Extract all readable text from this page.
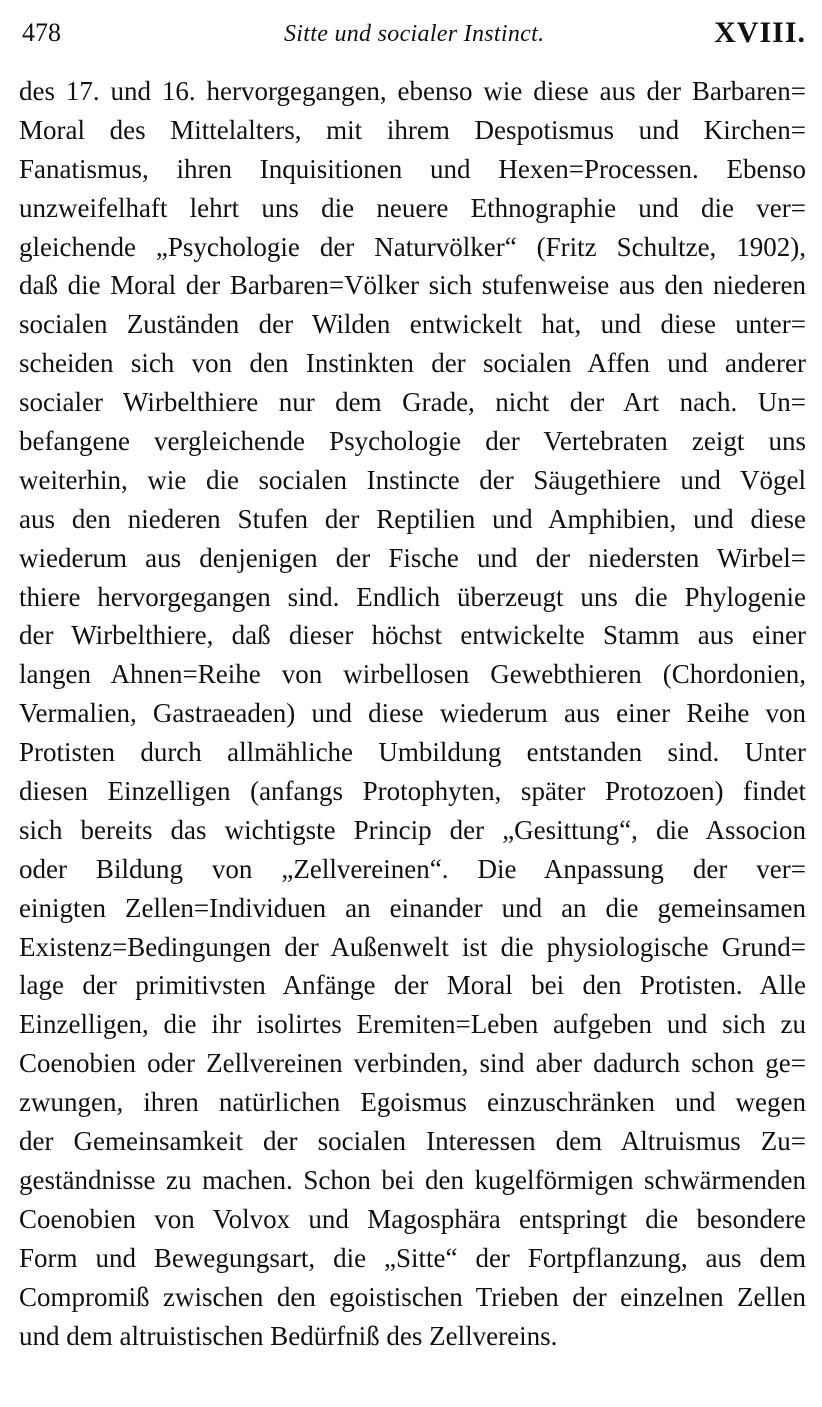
478	Sitte und socialer Instinct.	XVIII.
des 17. und 16. hervorgegangen, ebenso wie diese aus der Barbaren=
Moral des Mittelalters, mit ihrem Despotismus und Kirchen=
Fanatismus, ihren Inquisitionen und Hexen=Processen. Ebenso
unzweifelhaft lehrt uns die neuere Ethnographie und die ver=
gleichende „Psychologie der Naturvölker“ (Fritz Schultze, 1902),
daß die Moral der Barbaren=Völker sich stufenweise aus den niederen
socialen Zuständen der Wilden entwickelt hat, und diese unter=
scheiden sich von den Instinkten der socialen Affen und anderer
socialer Wirbelthiere nur dem Grade, nicht der Art nach. Un=
befangene vergleichende Psychologie der Vertebraten zeigt uns
weiterhin, wie die socialen Instincte der Säugethiere und Vögel
aus den niederen Stufen der Reptilien und Amphibien, und diese
wiederum aus denjenigen der Fische und der niedersten Wirbel=
thiere hervorgegangen sind. Endlich überzeugt uns die Phylogenie
der Wirbelthiere, daß dieser höchst entwickelte Stamm aus einer
langen Ahnen=Reihe von wirbellosen Gewebthieren (Chordonien,
Vermalien, Gastraeaden) und diese wiederum aus einer Reihe von
Protisten durch allmähliche Umbildung entstanden sind. Unter
diesen Einzelligen (anfangs Protophyten, später Protozoen) findet
sich bereits das wichtigste Princip der „Gesittung“, die Associon
oder Bildung von „Zellvereinen“. Die Anpassung der ver=
einigten Zellen=Individuen an einander und an die gemeinsamen
Existenz=Bedingungen der Außenwelt ist die physiologische Grund=
lage der primitivsten Anfänge der Moral bei den Protisten. Alle
Einzelligen, die ihr isolirtes Eremiten=Leben aufgeben und sich zu
Coenobien oder Zellvereinen verbinden, sind aber dadurch schon ge=
zwungen, ihren natürlichen Egoismus einzuschränken und wegen
der Gemeinsamkeit der socialen Interessen dem Altruismus Zu=
geständnisse zu machen. Schon bei den kugelförmigen schwärmenden
Coenobien von Volvox und Magosphära entspringt die besondere
Form und Bewegungsart, die „Sitte“ der Fortpflanzung, aus dem
Compromiß zwischen den egoistischen Trieben der einzelnen Zellen
und dem altruistischen Bedürfniß des Zellvereins.
